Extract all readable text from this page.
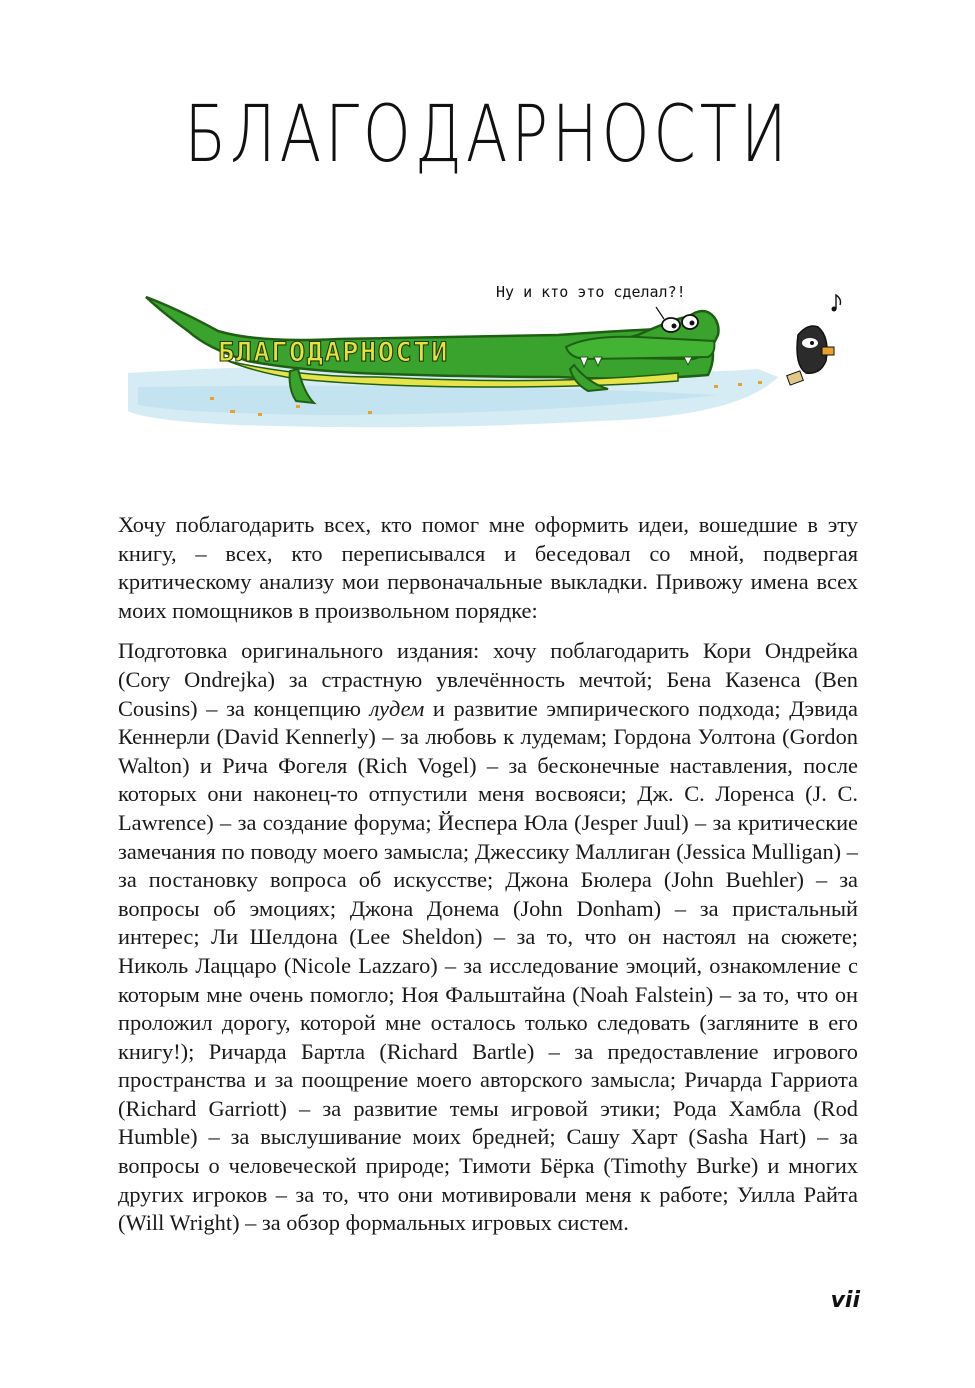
БЛАГОДАРНОСТИ
БЛАГОДАРНОСТИ
Ну и кто это сделал?!

Хочу поблагодарить всех, кто помог мне оформить идеи, вошедшие в эту книгу, – всех, кто переписывался и беседовал со мной, подвергая критическому анализу мои первоначальные выкладки. Привожу имена всех моих помощников в произвольном порядке:

Подготовка оригинального издания: хочу поблагодарить Кори Ондрейка (Cory Ondrejka) за страстную увлечённость мечтой; Бена Казенса (Ben Cousins) – за концепцию лудем и развитие эмпирического подхода; Дэвида Кеннерли (David Kennerly) – за любовь к лудемам; Гордона Уолтона (Gordon Walton) и Рича Фогеля (Rich Vogel) – за бесконечные наставления, после которых они наконец-то отпустили меня восвояси; Дж. С. Лоренса (J. C. Lawrence) – за создание форума; Йеспера Юла (Jesper Juul) – за критические замечания по поводу моего замысла; Джессику Маллиган (Jessica Mulligan) – за постановку вопроса об искусстве; Джона Бюлера (John Buehler) – за вопросы об эмоциях; Джона Донема (John Donham) – за пристальный интерес; Ли Шелдона (Lee Sheldon) – за то, что он настоял на сюжете; Николь Лаццаро (Nicole Lazzaro) – за исследование эмоций, ознакомление с которым мне очень помогло; Ноя Фальштайна (Noah Falstein) – за то, что он проложил дорогу, которой мне осталось только следовать (загляните в его книгу!); Ричарда Бартла (Richard Bartle) – за предоставление игрового пространства и за поощрение моего авторского замысла; Ричарда Гарриота (Richard Garriott) – за развитие темы игровой этики; Рода Хамбла (Rod Humble) – за выслушивание моих бредней; Сашу Харт (Sasha Hart) – за вопросы о человеческой природе; Тимоти Бёрка (Timothy Burke) и многих других игроков – за то, что они мотивировали меня к работе; Уилла Райта (Will Wright) – за обзор формальных игровых систем.

vii
